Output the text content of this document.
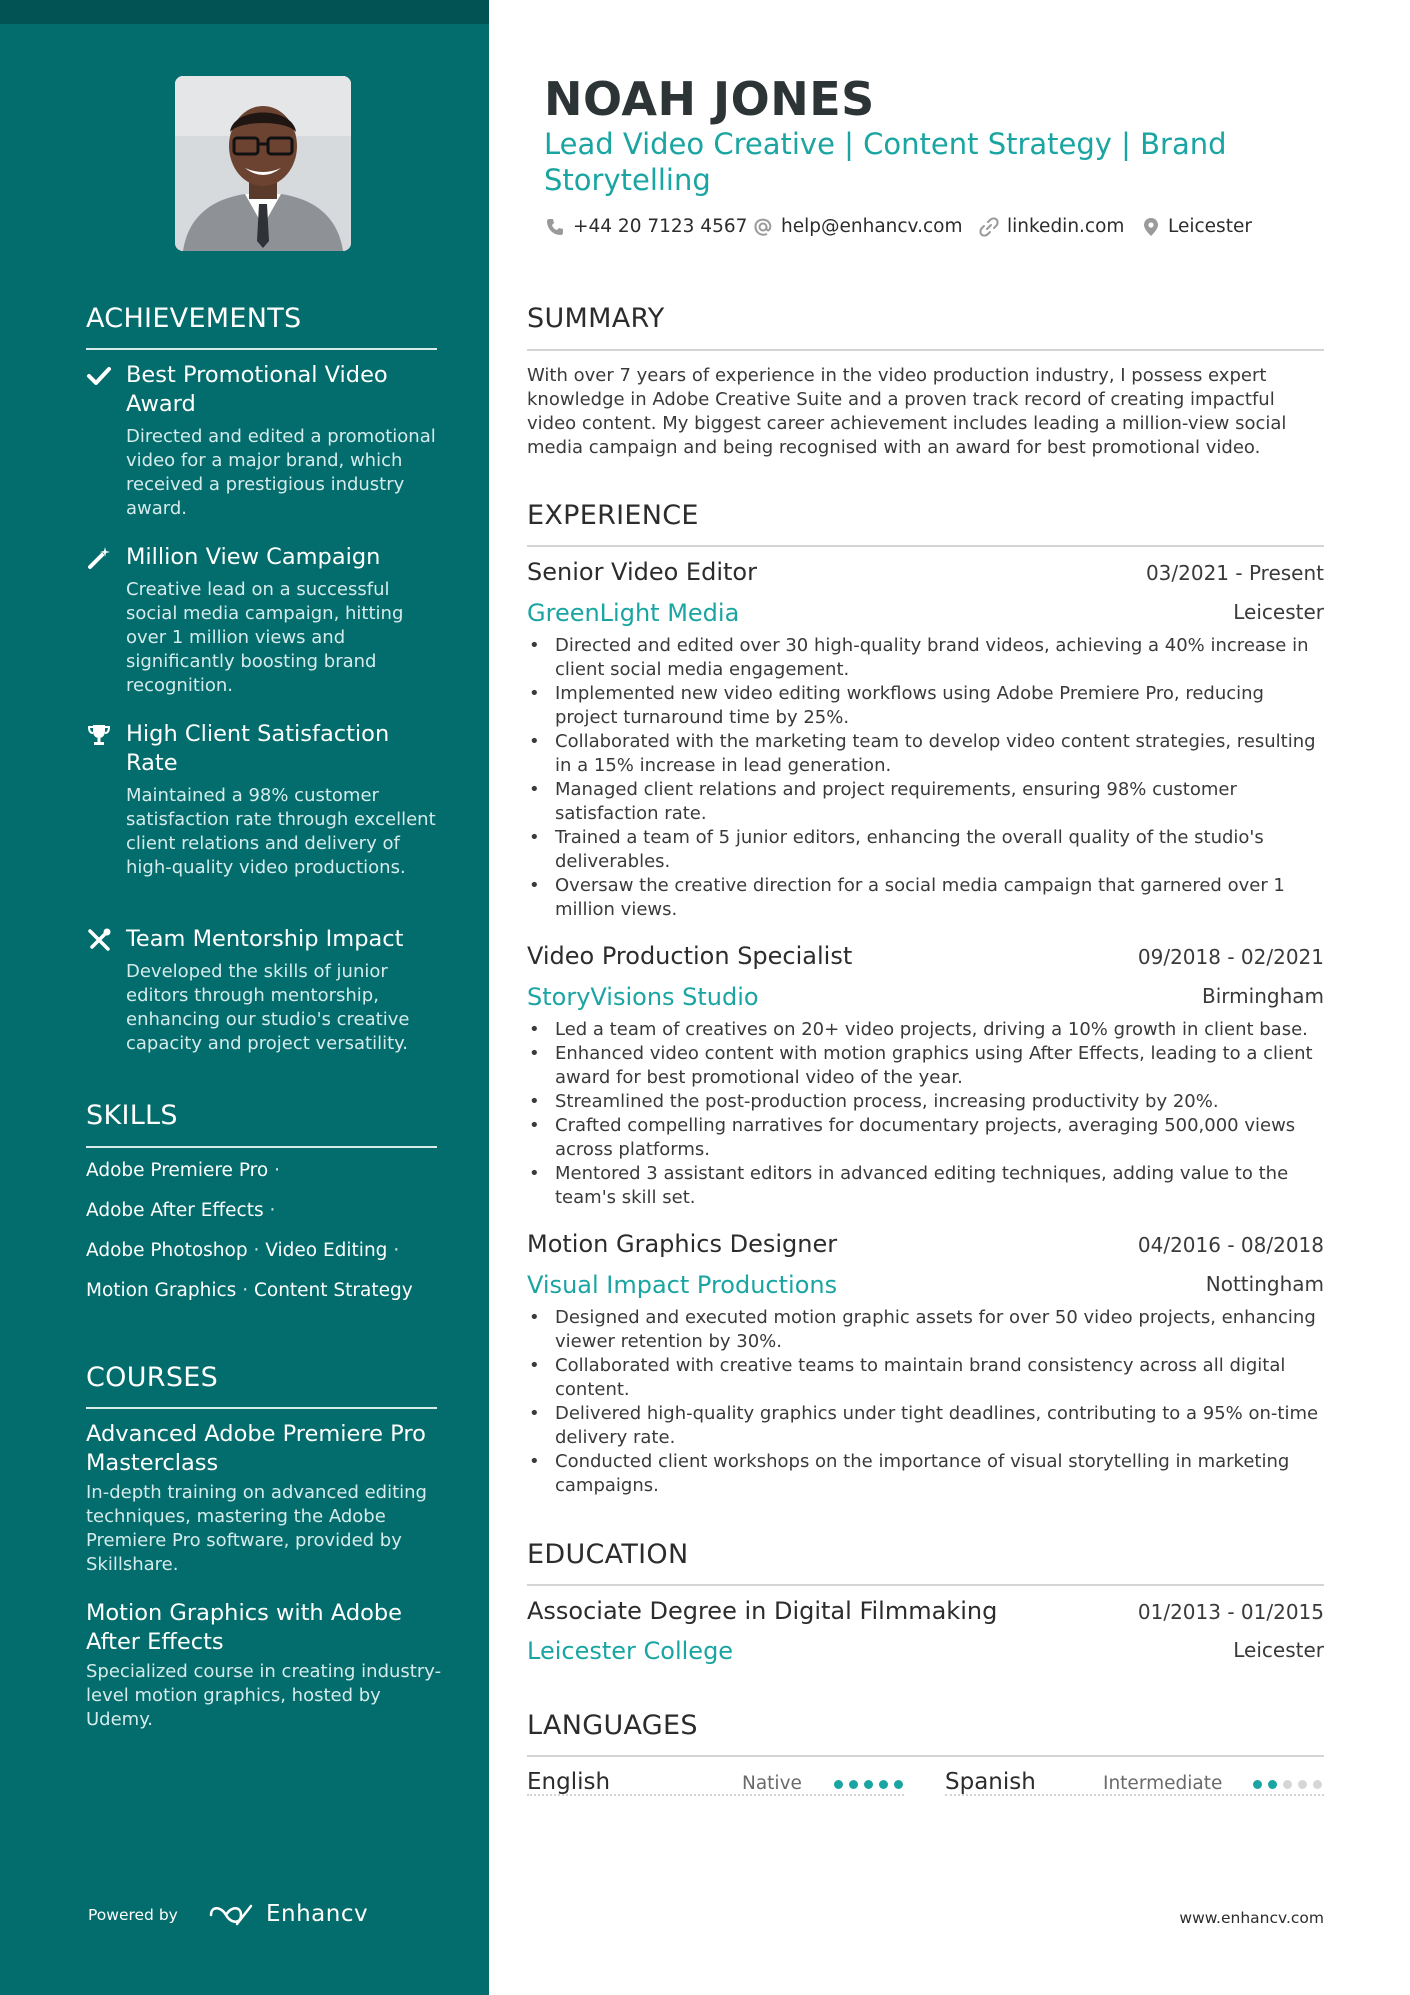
ACHIEVEMENTS
Best Promotional Video Award
Directed and edited a promotional video for a major brand, which received a prestigious industry award.
Million View Campaign
Creative lead on a successful social media campaign, hitting over 1 million views and significantly boosting brand recognition.
High Client Satisfaction Rate
Maintained a 98% customer satisfaction rate through excellent client relations and delivery of high-quality video productions.
Team Mentorship Impact
Developed the skills of junior editors through mentorship, enhancing our studio's creative capacity and project versatility.
SKILLS
Adobe Premiere Pro ·
Adobe After Effects ·
Adobe Photoshop · Video Editing ·
Motion Graphics · Content Strategy
COURSES
Advanced Adobe Premiere Pro Masterclass
In-depth training on advanced editing techniques, mastering the Adobe Premiere Pro software, provided by Skillshare.
Motion Graphics with Adobe After Effects
Specialized course in creating industry-level motion graphics, hosted by Udemy.
Powered by	Enhancv
NOAH JONES
Lead Video Creative | Content Strategy | Brand Storytelling
+44 20 7123 4567 help@enhancv.com linkedin.com Leicester
SUMMARY
With over 7 years of experience in the video production industry, I possess expert knowledge in Adobe Creative Suite and a proven track record of creating impactful video content. My biggest career achievement includes leading a million-view social media campaign and being recognised with an award for best promotional video.
EXPERIENCE
Senior Video Editor	03/2021 - Present
GreenLight Media	Leicester
• Directed and edited over 30 high-quality brand videos, achieving a 40% increase in client social media engagement.
• Implemented new video editing workflows using Adobe Premiere Pro, reducing project turnaround time by 25%.
• Collaborated with the marketing team to develop video content strategies, resulting in a 15% increase in lead generation.
• Managed client relations and project requirements, ensuring 98% customer satisfaction rate.
• Trained a team of 5 junior editors, enhancing the overall quality of the studio's deliverables.
• Oversaw the creative direction for a social media campaign that garnered over 1 million views.
Video Production Specialist	09/2018 - 02/2021
StoryVisions Studio	Birmingham
• Led a team of creatives on 20+ video projects, driving a 10% growth in client base.
• Enhanced video content with motion graphics using After Effects, leading to a client award for best promotional video of the year.
• Streamlined the post-production process, increasing productivity by 20%.
• Crafted compelling narratives for documentary projects, averaging 500,000 views across platforms.
• Mentored 3 assistant editors in advanced editing techniques, adding value to the team's skill set.
Motion Graphics Designer	04/2016 - 08/2018
Visual Impact Productions	Nottingham
• Designed and executed motion graphic assets for over 50 video projects, enhancing viewer retention by 30%.
• Collaborated with creative teams to maintain brand consistency across all digital content.
• Delivered high-quality graphics under tight deadlines, contributing to a 95% on-time delivery rate.
• Conducted client workshops on the importance of visual storytelling in marketing campaigns.
EDUCATION
Associate Degree in Digital Filmmaking	01/2013 - 01/2015
Leicester College	Leicester
LANGUAGES
English	Native	Spanish	Intermediate
www.enhancv.com
